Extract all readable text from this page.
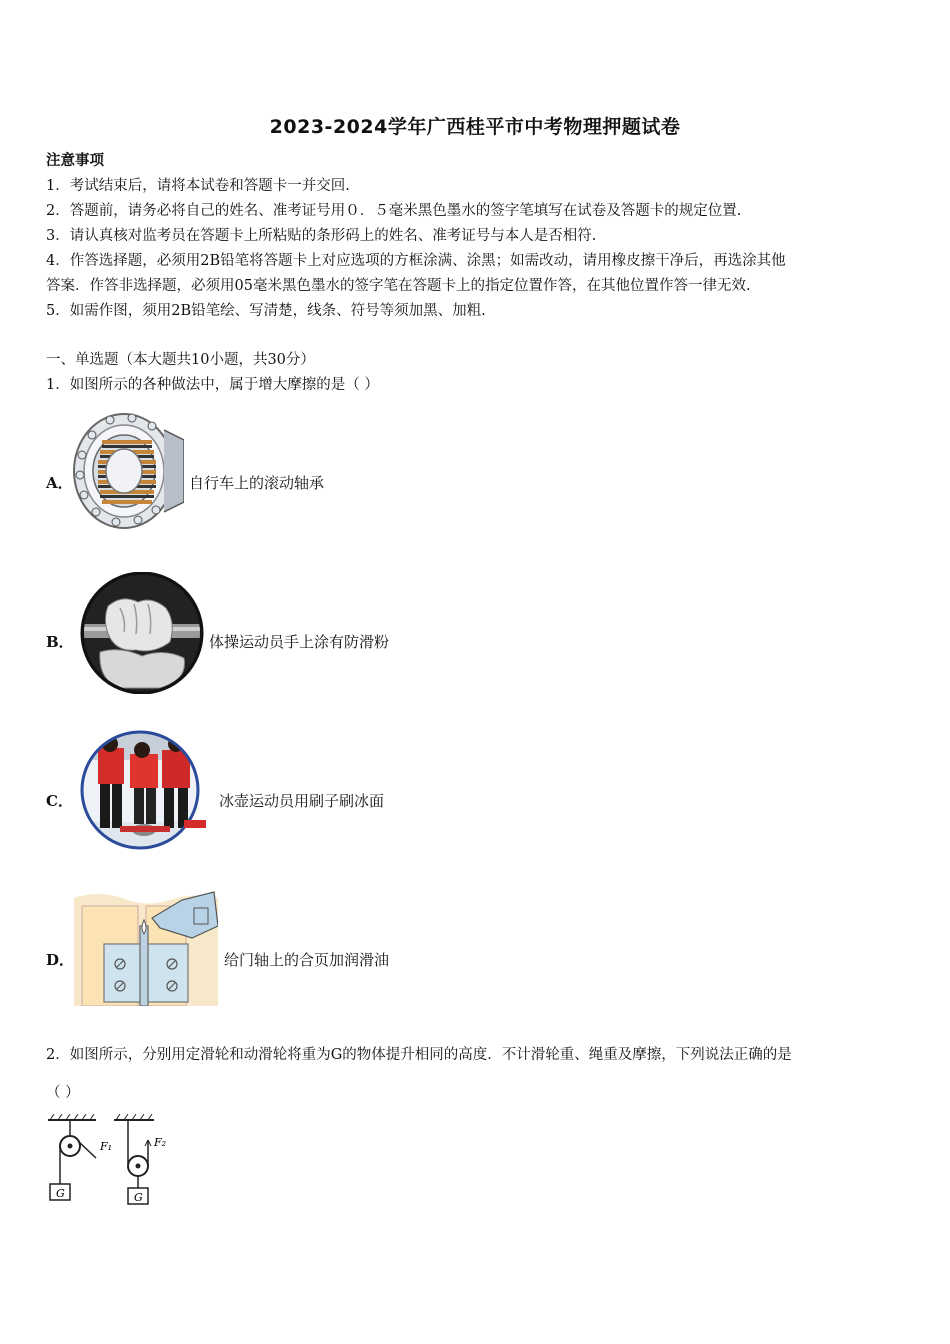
2023-2024学年广西桂平市中考物理押题试卷
注意事项
1．考试结束后，请将本试卷和答题卡一并交回.
2．答题前，请务必将自己的姓名、准考证号用０．５毫米黑色墨水的签字笔填写在试卷及答题卡的规定位置.
3．请认真核对监考员在答题卡上所粘贴的条形码上的姓名、准考证号与本人是否相符.
4．作答选择题，必须用2B铅笔将答题卡上对应选项的方框涂满、涂黑；如需改动，请用橡皮擦干净后，再选涂其他
答案．作答非选择题，必须用05毫米黑色墨水的签字笔在答题卡上的指定位置作答，在其他位置作答一律无效.
5．如需作图，须用2B铅笔绘、写清楚，线条、符号等须加黑、加粗.
一、单选题（本大题共10小题，共30分）
1．如图所示的各种做法中，属于增大摩擦的是（ ）
A．	自行车上的滚动轴承
B．	体操运动员手上涂有防滑粉
C．	冰壶运动员用刷子刷冰面
D．	给门轴上的合页加润滑油
2．如图所示，分别用定滑轮和动滑轮将重为G的物体提升相同的高度．不计滑轮重、绳重及摩擦，下列说法正确的是
（ ）
G
F₁
G
F₂
